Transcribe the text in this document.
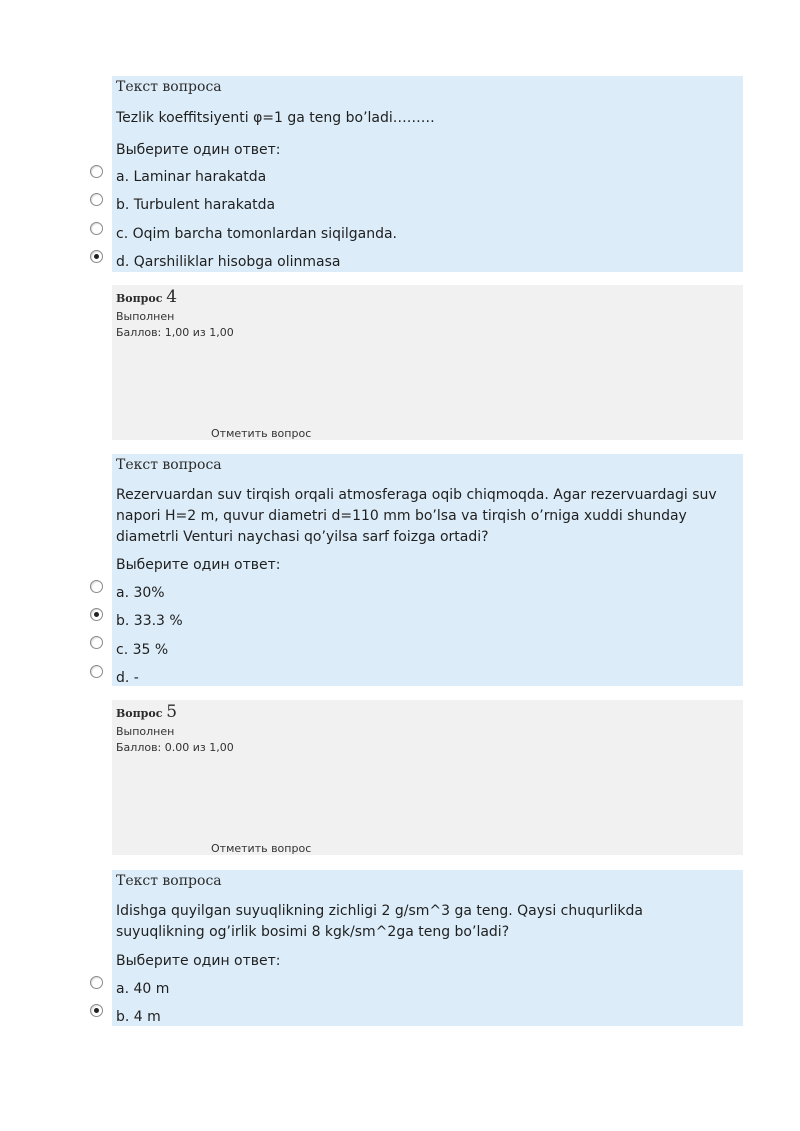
Текст вопроса
Tezlik koeffitsiyenti φ=1 ga teng bo’ladi………
Выберите один ответ:
a. Laminar harakatda
b. Turbulent harakatda
c. Oqim barcha tomonlardan siqilganda.
d. Qarshiliklar hisobga olinmasa
Вопрос 4
Выполнен
Баллов: 1,00 из 1,00
Отметить вопрос
Текст вопроса
Rezervuardan suv tirqish orqali atmosferaga oqib chiqmoqda. Agar rezervuardagi suv napori H=2 m, quvur diametri d=110 mm bo’lsa va tirqish o’rniga xuddi shunday diametrli Venturi naychasi qo’yilsa sarf foizga ortadi?
Выберите один ответ:
a. 30%
b. 33.3 %
c. 35 %
d. -
Вопрос 5
Выполнен
Баллов: 0.00 из 1,00
Отметить вопрос
Текст вопроса
Idishga quyilgan suyuqlikning zichligi 2 g/sm^3 ga teng. Qaysi chuqurlikda suyuqlikning og’irlik bosimi 8 kgk/sm^2ga teng bo’ladi?
Выберите один ответ:
a. 40 m
b. 4 m
